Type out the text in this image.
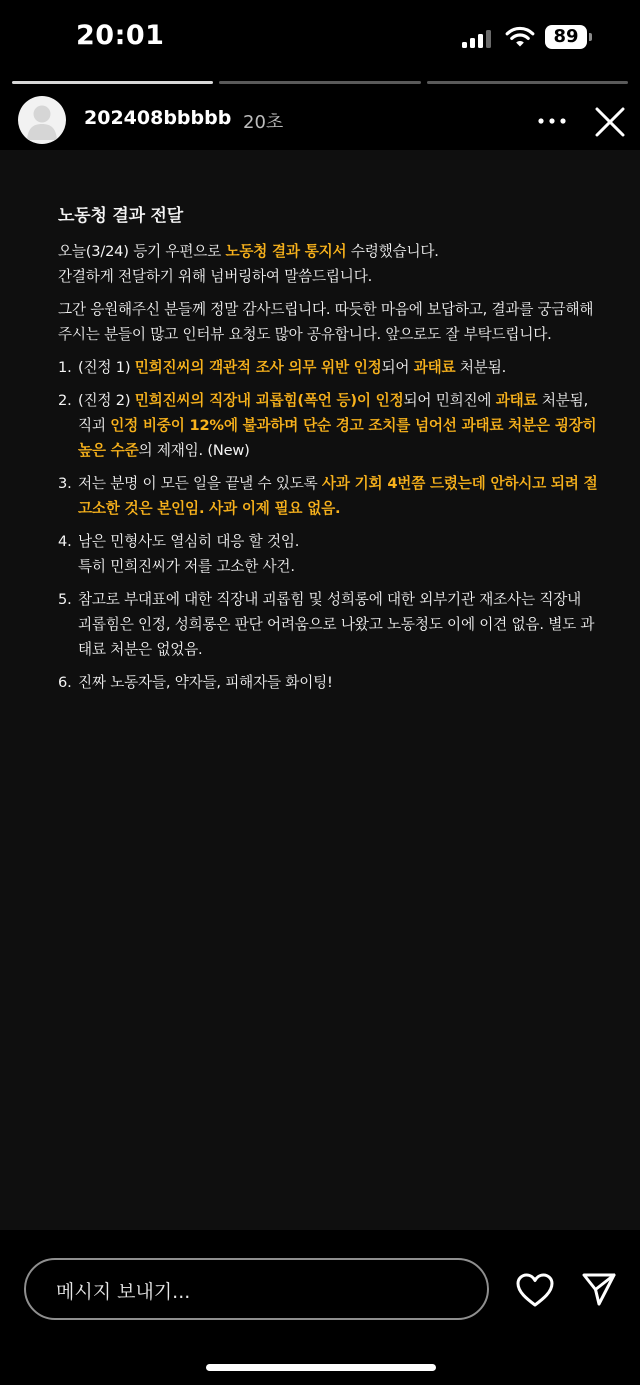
20:01	89
202408bbbbb 20초
노동청 결과 전달

오늘(3/24) 등기 우편으로 노동청 결과 통지서 수령했습니다.
간결하게 전달하기 위해 넘버링하여 말씀드립니다.

그간 응원해주신 분들께 정말 감사드립니다. 따듯한 마음에 보답하고, 결과를 궁금해해주시는 분들이 많고 인터뷰 요청도 많아 공유합니다. 앞으로도 잘 부탁드립니다.

1. (진정 1) 민희진씨의 객관적 조사 의무 위반 인정되어 과태료 처분됨.
2. (진정 2) 민희진씨의 직장내 괴롭힘(폭언 등)이 인정되어 민희진에 과태료 처분됨, 직괴 인정 비중이 12%에 불과하며 단순 경고 조치를 넘어선 과태료 처분은 굉장히 높은 수준의 제재임. (New)
3. 저는 분명 이 모든 일을 끝낼 수 있도록 사과 기회 4번쯤 드렸는데 안하시고 되려 절 고소한 것은 본인임. 사과 이제 필요 없음.
4. 남은 민형사도 열심히 대응 할 것임.
특히 민희진씨가 저를 고소한 사건.
5. 참고로 부대표에 대한 직장내 괴롭힘 및 성희롱에 대한 외부기관 재조사는 직장내 괴롭힘은 인정, 성희롱은 판단 어려움으로 나왔고 노동청도 이에 이견 없음. 별도 과태료 처분은 없었음.
6. 진짜 노동자들, 약자들, 피해자들 화이팅!
메시지 보내기...
